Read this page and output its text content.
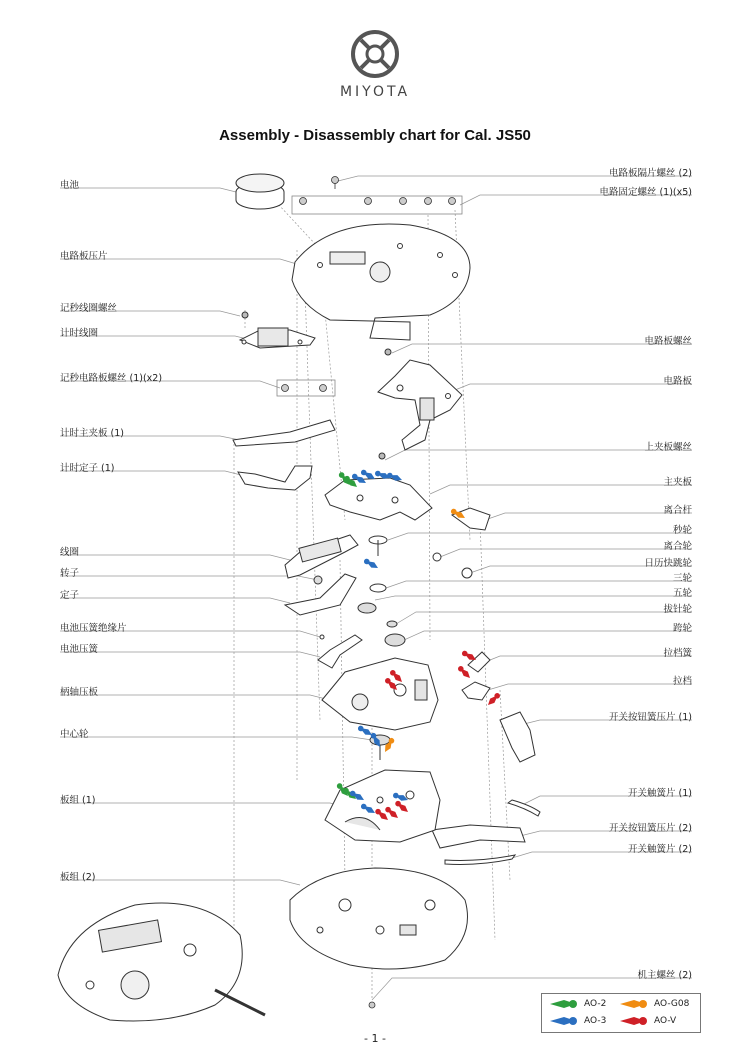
MIYOTA
Assembly - Disassembly chart for Cal. JS50
电池
电路板压片
记秒线圈螺丝
计时线圈
记秒电路板螺丝 (1)(x2)
计时主夹板 (1)
计时定子 (1)
线圈
转子
定子
电池压簧绝缘片
电池压簧
柄轴压板
中心轮
板组 (1)
板组 (2)
电路板隔片螺丝 (2)
电路固定螺丝 (1)(x5)
电路板螺丝
电路板
上夹板螺丝
主夹板
离合杆
秒轮
离合轮
日历快跳轮
三轮
五轮
拔针轮
跨轮
拉档簧
拉档
开关按钮簧压片 (1)
开关触簧片 (1)
开关按钮簧压片 (2)
开关触簧片 (2)
机主螺丝 (2)
AO-2	AO-G08
AO-3	AO-V
- 1 -
